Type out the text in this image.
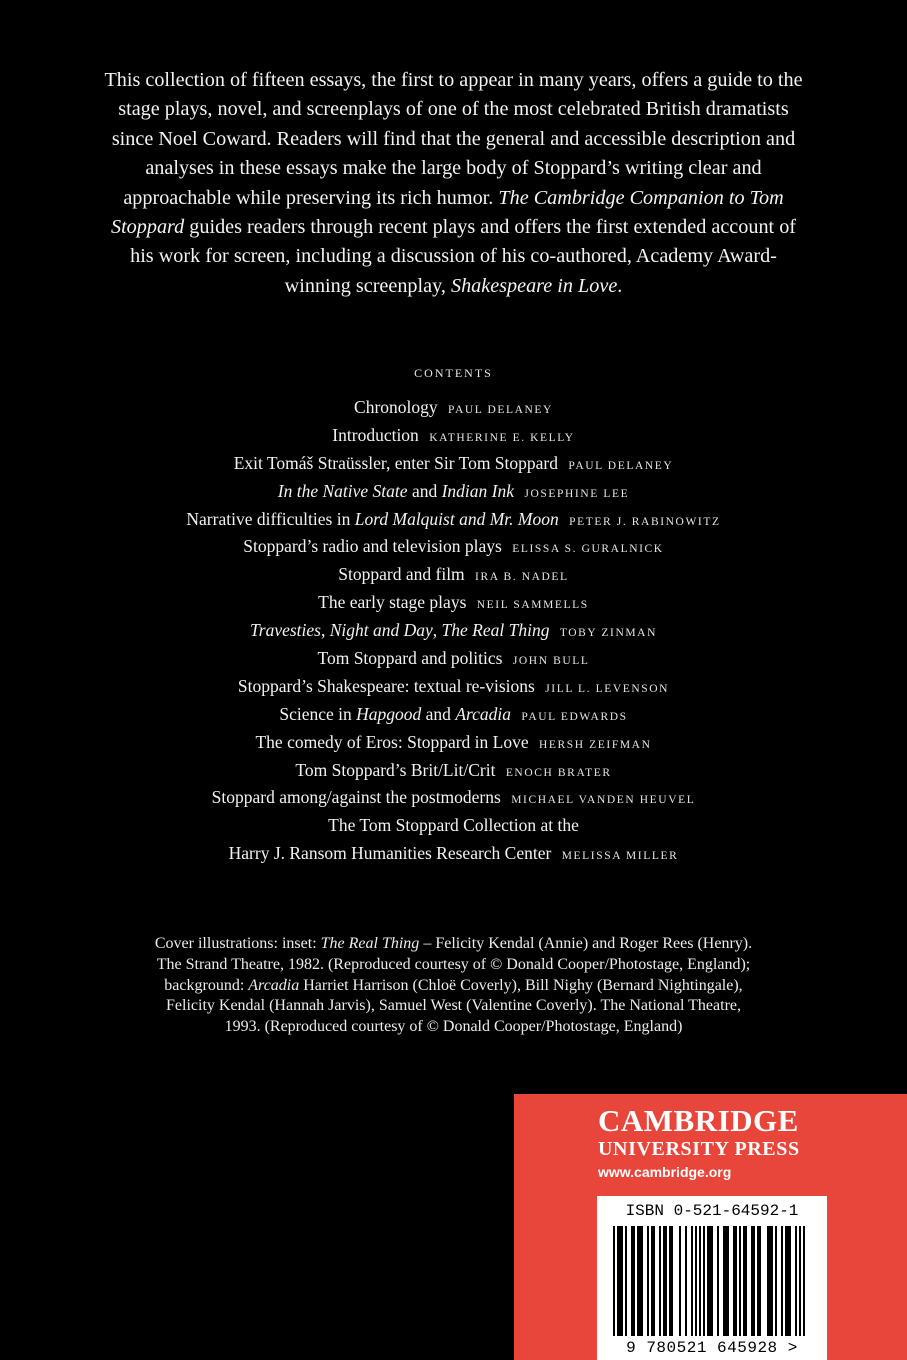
This collection of fifteen essays, the first to appear in many years, offers a guide to the stage plays, novel, and screenplays of one of the most celebrated British dramatists since Noel Coward. Readers will find that the general and accessible description and analyses in these essays make the large body of Stoppard’s writing clear and approachable while preserving its rich humor. The Cambridge Companion to Tom Stoppard guides readers through recent plays and offers the first extended account of his work for screen, including a discussion of his co-authored, Academy Award-winning screenplay, Shakespeare in Love.

CONTENTS
Chronology PAUL DELANEY
Introduction KATHERINE E. KELLY
Exit Tomáš Straüssler, enter Sir Tom Stoppard PAUL DELANEY
In the Native State and Indian Ink JOSEPHINE LEE
Narrative difficulties in Lord Malquist and Mr. Moon PETER J. RABINOWITZ
Stoppard’s radio and television plays ELISSA S. GURALNICK
Stoppard and film IRA B. NADEL
The early stage plays NEIL SAMMELLS
Travesties, Night and Day, The Real Thing TOBY ZINMAN
Tom Stoppard and politics JOHN BULL
Stoppard’s Shakespeare: textual re-visions JILL L. LEVENSON
Science in Hapgood and Arcadia PAUL EDWARDS
The comedy of Eros: Stoppard in Love HERSH ZEIFMAN
Tom Stoppard’s Brit/Lit/Crit ENOCH BRATER
Stoppard among/against the postmoderns MICHAEL VANDEN HEUVEL
The Tom Stoppard Collection at the
Harry J. Ransom Humanities Research Center MELISSA MILLER

Cover illustrations: inset: The Real Thing – Felicity Kendal (Annie) and Roger Rees (Henry). The Strand Theatre, 1982. (Reproduced courtesy of © Donald Cooper/Photostage, England); background: Arcadia Harriet Harrison (Chloë Coverly), Bill Nighy (Bernard Nightingale), Felicity Kendal (Hannah Jarvis), Samuel West (Valentine Coverly). The National Theatre, 1993. (Reproduced courtesy of © Donald Cooper/Photostage, England)

CAMBRIDGE
UNIVERSITY PRESS
www.cambridge.org
ISBN 0-521-64592-1
9 780521 645928 >
